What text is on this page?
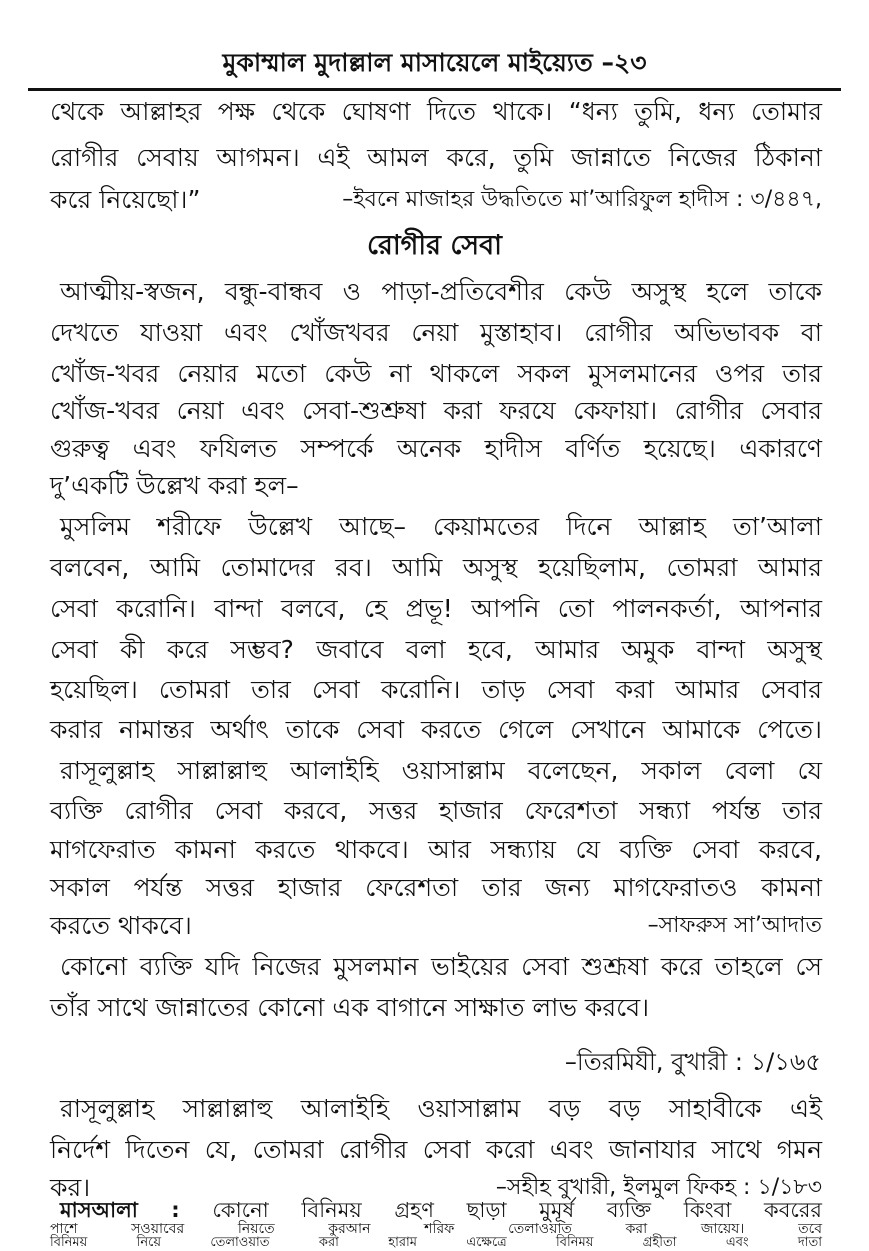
মুকাম্মাল মুদাল্লাল মাসায়েলে মাইয়্যেত –২৩
থেকে আল্লাহর পক্ষ থেকে ঘোষণা দিতে থাকে। “ধন্য তুমি, ধন্য তোমার
রোগীর সেবায় আগমন। এই আমল করে, তুমি জান্নাতে নিজের ঠিকানা
করে নিয়েছো।”	–ইবনে মাজাহর উদ্ধতিতে মা’আরিফুল হাদীস : ৩/৪৪৭,
রোগীর সেবা
আত্মীয়-স্বজন, বন্ধু-বান্ধব ও পাড়া-প্রতিবেশীর কেউ অসুস্থ হলে তাকে
দেখতে যাওয়া এবং খোঁজখবর নেয়া মুস্তাহাব। রোগীর অভিভাবক বা
খোঁজ-খবর নেয়ার মতো কেউ না থাকলে সকল মুসলমানের ওপর তার
খোঁজ-খবর নেয়া এবং সেবা-শুশ্রুষা করা ফরযে কেফায়া। রোগীর সেবার
গুরুত্ব এবং ফযিলত সম্পর্কে অনেক হাদীস বর্ণিত হয়েছে। একারণে
দু’একটি উল্লেখ করা হল–
মুসলিম শরীফে উল্লেখ আছে– কেয়ামতের দিনে আল্লাহ তা’আলা
বলবেন, আমি তোমাদের রব। আমি অসুস্থ হয়েছিলাম, তোমরা আমার
সেবা করোনি। বান্দা বলবে, হে প্রভূ! আপনি তো পালনকর্তা, আপনার
সেবা কী করে সম্ভব? জবাবে বলা হবে, আমার অমুক বান্দা অসুস্থ
হয়েছিল। তোমরা তার সেবা করোনি। তাড় সেবা করা আমার সেবার
করার নামান্তর অর্থাৎ তাকে সেবা করতে গেলে সেখানে আমাকে পেতে।
রাসূলুল্লাহ সাল্লাল্লাহু আলাইহি ওয়াসাল্লাম বলেছেন, সকাল বেলা যে
ব্যক্তি রোগীর সেবা করবে, সত্তর হাজার ফেরেশতা সন্ধ্যা পর্যন্ত তার
মাগফেরাত কামনা করতে থাকবে। আর সন্ধ্যায় যে ব্যক্তি সেবা করবে,
সকাল পর্যন্ত সত্তর হাজার ফেরেশতা তার জন্য মাগফেরাতও কামনা
করতে থাকবে।	–সাফরুস সা’আদাত
কোনো ব্যক্তি যদি নিজের মুসলমান ভাইয়ের সেবা শুশ্রূষা করে তাহলে সে
তাঁর সাথে জান্নাতের কোনো এক বাগানে সাক্ষাত লাভ করবে।
–তিরমিযী, বুখারী : ১/১৬৫
রাসূলুল্লাহ সাল্লাল্লাহু আলাইহি ওয়াসাল্লাম বড় বড় সাহাবীকে এই
নির্দেশ দিতেন যে, তোমরা রোগীর সেবা করো এবং জানাযার সাথে গমন
কর।	–সহীহ বুখারী, ইলমুল ফিকহ : ১/১৮৩
মাসআলা : কোনো বিনিময় গ্রহণ ছাড়া মুমূর্ষ ব্যক্তি কিংবা কবরের
পাশে সওয়াবের নিয়তে কুরআন শরিফ তেলাওয়াত করা জায়েয। তবে
বিনিময় নিয়ে তেলাওয়াত করা হারাম এক্ষেত্রে বিনিময় গ্রহীতা এবং দাতা
